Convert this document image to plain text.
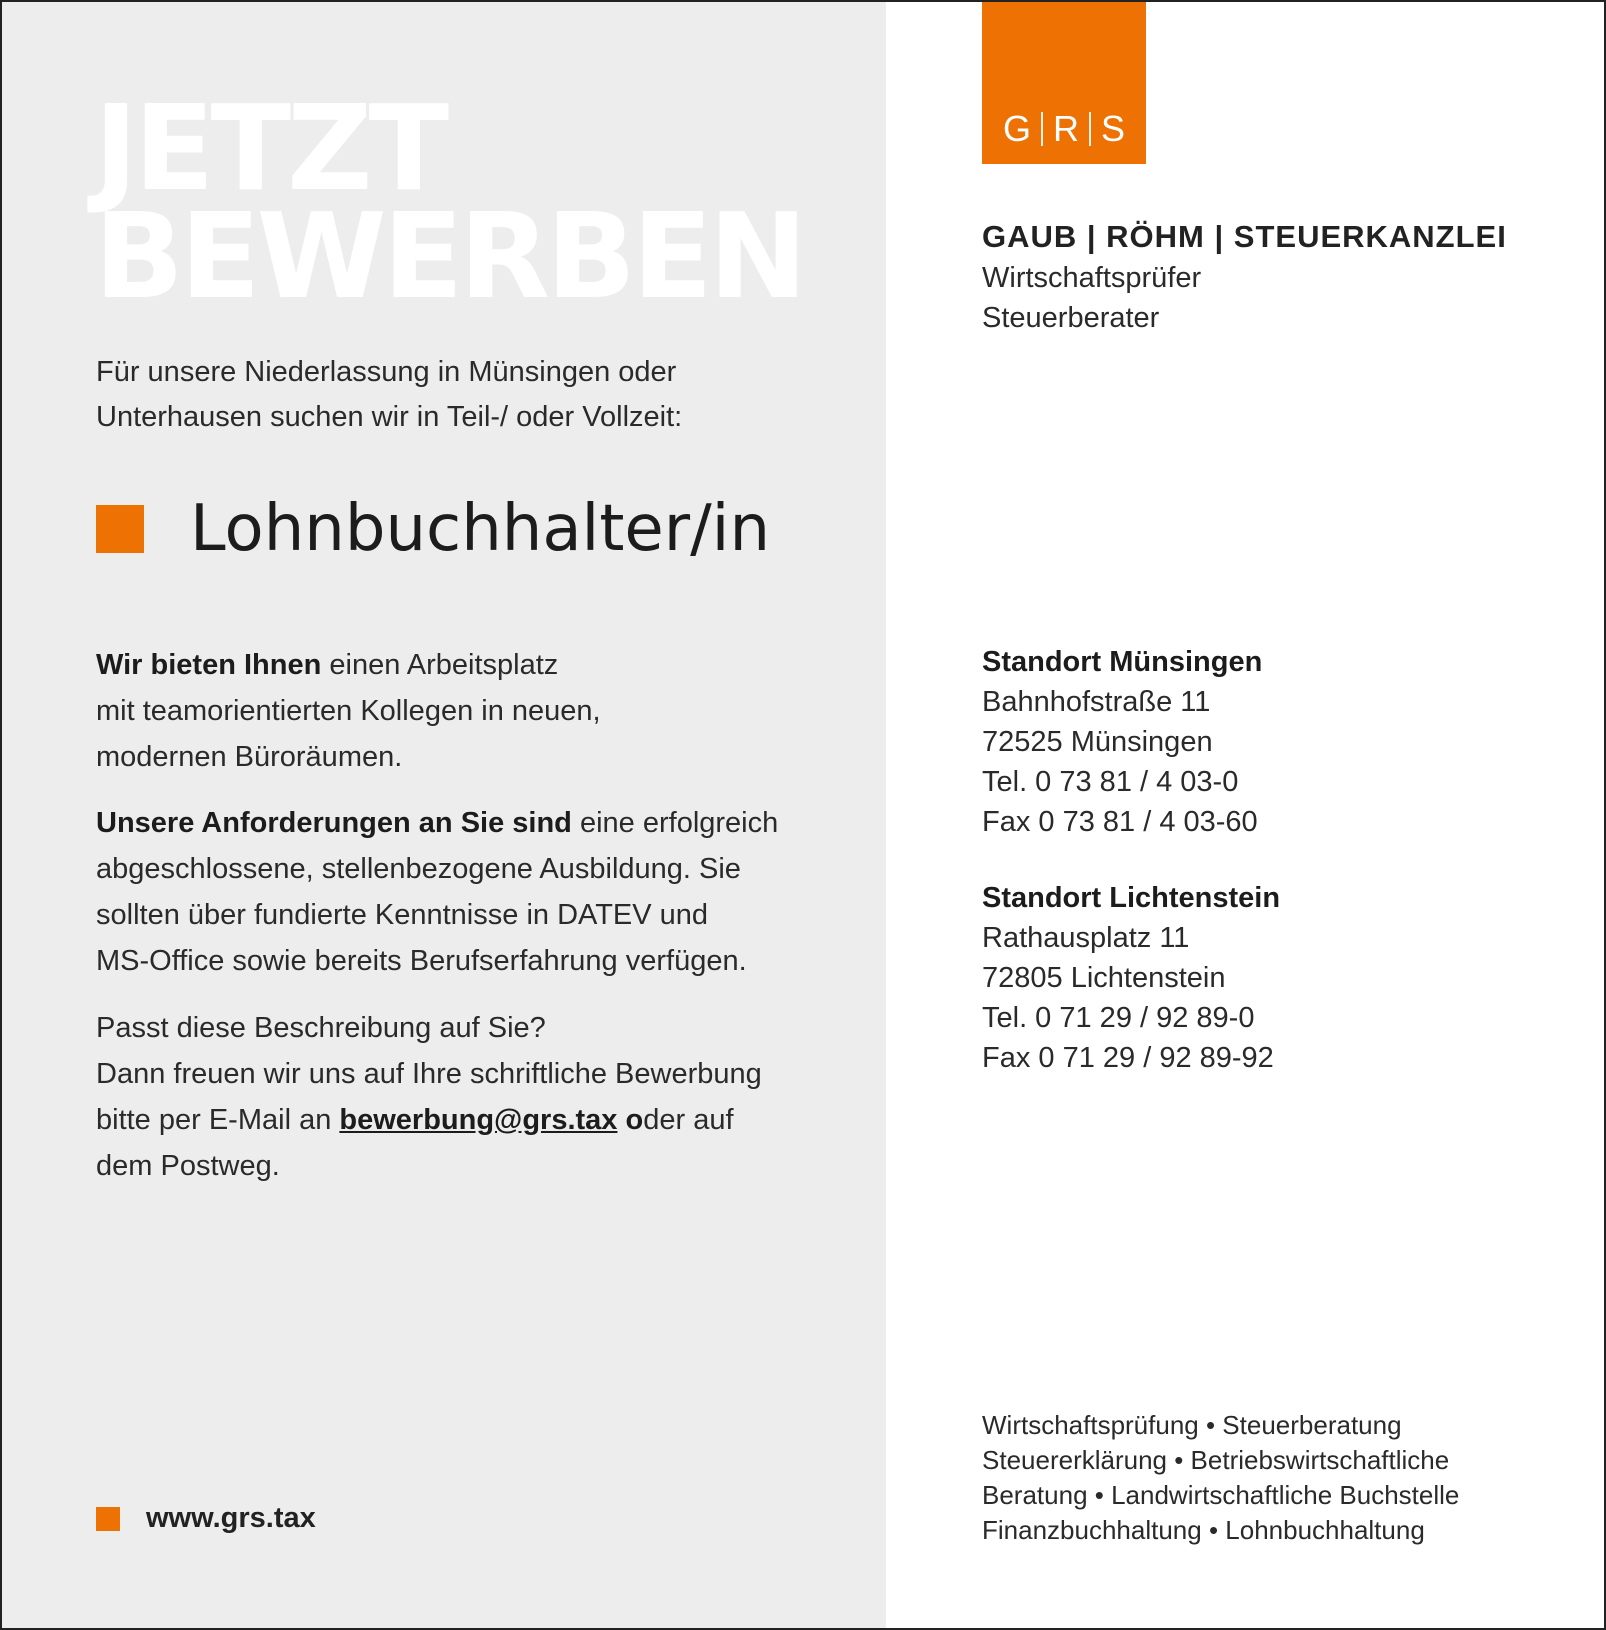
JETZT
BEWERBEN

Für unsere Niederlassung in Münsingen oder
Unterhausen suchen wir in Teil-/ oder Vollzeit:

Lohnbuchhalter/in

Wir bieten Ihnen einen Arbeitsplatz
mit teamorientierten Kollegen in neuen,
modernen Büroräumen.

Unsere Anforderungen an Sie sind eine erfolgreich
abgeschlossene, stellenbezogene Ausbildung. Sie
sollten über fundierte Kenntnisse in DATEV und
MS-Office sowie bereits Berufserfahrung verfügen.

Passt diese Beschreibung auf Sie?
Dann freuen wir uns auf Ihre schriftliche Bewerbung
bitte per E-Mail an bewerbung@grs.tax oder auf
dem Postweg.

www.grs.tax
G R S
GAUB | RÖHM | STEUERKANZLEI
Wirtschaftsprüfer
Steuerberater
Standort Münsingen
Bahnhofstraße 11
72525 Münsingen
Tel. 0 73 81 / 4 03-0
Fax 0 73 81 / 4 03-60
Standort Lichtenstein
Rathausplatz 11
72805 Lichtenstein
Tel. 0 71 29 / 92 89-0
Fax 0 71 29 / 92 89-92
Wirtschaftsprüfung • Steuerberatung
Steuererklärung • Betriebswirtschaftliche
Beratung • Landwirtschaftliche Buchstelle
Finanzbuchhaltung • Lohnbuchhaltung
